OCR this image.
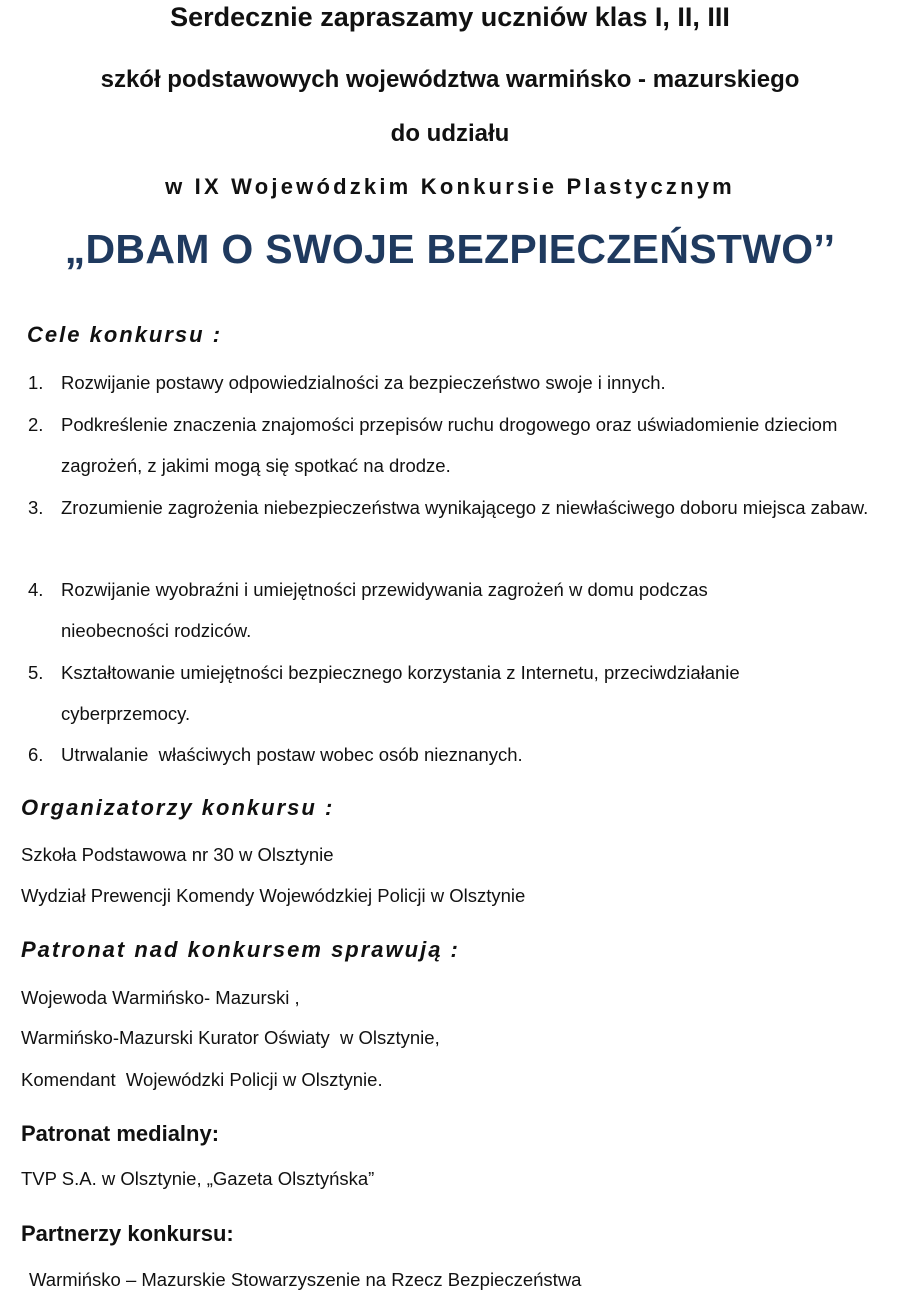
Serdecznie zapraszamy uczniów klas I, II, III
szkół podstawowych województwa warmińsko - mazurskiego
do udziału
w IX Wojewódzkim Konkursie Plastycznym
„DBAM O SWOJE BEZPIECZEŃSTWO’’
Cele konkursu :
1. Rozwijanie postawy odpowiedzialności za bezpieczeństwo swoje i innych.
2. Podkreślenie znaczenia znajomości przepisów ruchu drogowego oraz uświadomienie dzieciom zagrożeń, z jakimi mogą się spotkać na drodze.
3. Zrozumienie zagrożenia niebezpieczeństwa wynikającego z niewłaściwego doboru miejsca zabaw.
4. Rozwijanie wyobraźni i umiejętności przewidywania zagrożeń w domu podczas nieobecności rodziców.
5. Kształtowanie umiejętności bezpiecznego korzystania z Internetu, przeciwdziałanie cyberprzemocy.
6. Utrwalanie  właściwych postaw wobec osób nieznanych.
Organizatorzy konkursu :
Szkoła Podstawowa nr 30 w Olsztynie
Wydział Prewencji Komendy Wojewódzkiej Policji w Olsztynie
Patronat nad konkursem sprawują :
Wojewoda Warmińsko- Mazurski ,
Warmińsko-Mazurski Kurator Oświaty  w Olsztynie,
Komendant  Wojewódzki Policji w Olsztynie.
Patronat medialny:
TVP S.A. w Olsztynie, „Gazeta Olsztyńska”
Partnerzy konkursu:
Warmińsko – Mazurskie Stowarzyszenie na Rzecz Bezpieczeństwa
